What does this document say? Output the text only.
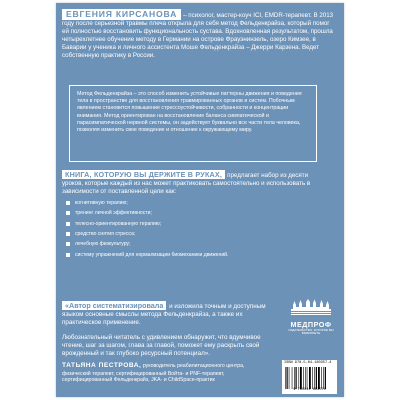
ЕВГЕНИЯ КИРСАНОВА – психолог, мастер-коуч ICI, EMDR-терапевт. В 2013 году после серьезной травмы плеча открыла для себя метод Фельденкрайза, который помог ей полностью восстановить функциональность сустава. Вдохновленная результатом, прошла четырехлетнее обучение методу в Германии на острове Фрауэнинзель, озеро Кимзее, в Баварии у ученика и личного ассистента Моше Фельденкрайза – Джерри Карзена. Ведет собственную практику в России.
Метод Фельденкрайза – это способ изменить устойчивые паттерны движения и поведения тела в пространстве для восстановления травмированных органов и систем. Побочным явлением становится повышение стрессоустойчивости, собранности и концентрации внимания. Метод ориентирован на восстановление баланса симпатической и парасимпатической нервной системы, он задействует буквально все части тела человека, позволяя изменить свое поведение и отношение к окружающему миру.
КНИГА, КОТОРУЮ ВЫ ДЕРЖИТЕ В РУКАХ, предлагает набор из десяти уроков, которые каждый из нас может практиковать самостоятельно и использовать в зависимости от поставленной цели как:
когнитивную терапию;
тренинг личной эффективности;
телесно-ориентированную терапию;
средство снятия стресса;
лечебную физкультуру;
систему упражнений для нормализации биомеханики движений.
«Автор систематизировала и изложила точным и доступным языком основные смыслы метода Фельденкрайза, а также их практическое применение.
Любознательный читатель с удивлением обнаружит, что вдумчивое чтение, шаг за шагом, глава за главой, поможет ему раскрыть свой врожденный и так глубоко ресурсный потенциал».
ТАТЬЯНА ПЕСТРОВА, руководитель реабилитационного центра, физический терапевт, сертифицированный Войта- и PNF-терапевт, сертифицированный Фельденкрайз, JKA- и ChildSpace-практик
МЕДПРОФ
ИЗДАТЕЛЬСТВО, КОТОРОЕ ВЫ ВЫБИРАЕТЕ
ISBN 978-5-04-180357-4
9 785041 803574
